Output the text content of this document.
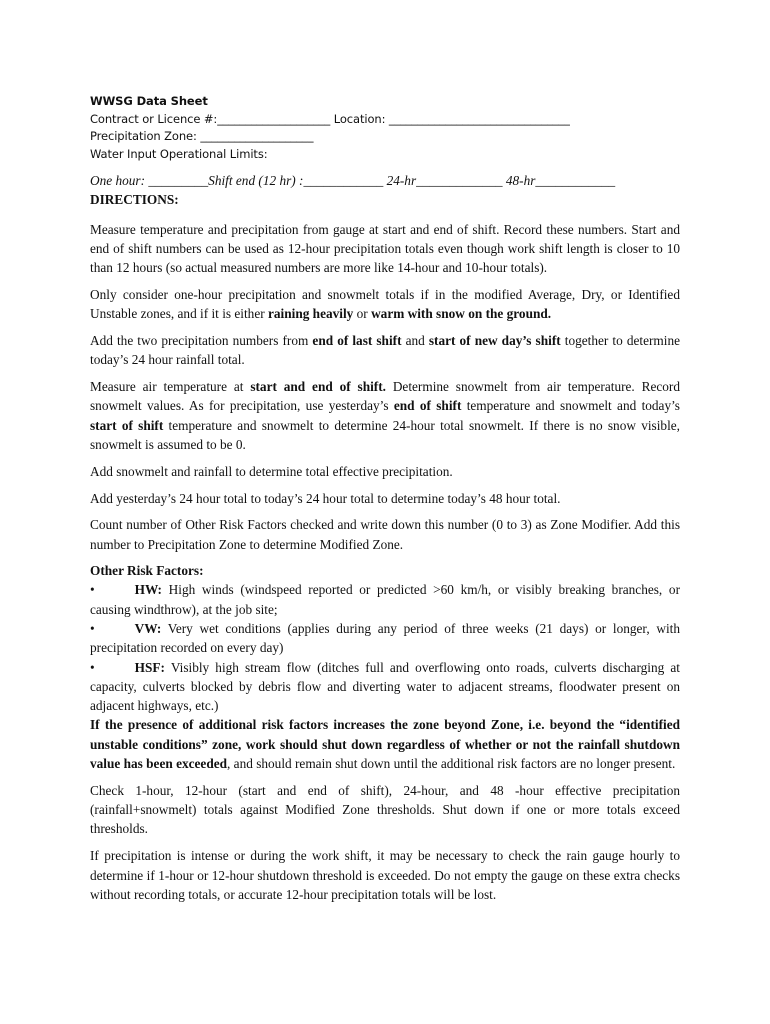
WWSG Data Sheet
Contract or Licence #:____________________ Location: ________________________________
Precipitation Zone: ____________________
Water Input Operational Limits:
One hour: _________Shift end (12 hr) :____________ 24-hr_____________ 48-hr____________
DIRECTIONS:

Measure temperature and precipitation from gauge at start and end of shift. Record these numbers. Start and end of shift numbers can be used as 12-hour precipitation totals even though work shift length is closer to 10 than 12 hours (so actual measured numbers are more like 14-hour and 10-hour totals).

Only consider one-hour precipitation and snowmelt totals if in the modified Average, Dry, or Identified Unstable zones, and if it is either raining heavily or warm with snow on the ground.

Add the two precipitation numbers from end of last shift and start of new day’s shift together to determine today’s 24 hour rainfall total.

Measure air temperature at start and end of shift. Determine snowmelt from air temperature. Record snowmelt values. As for precipitation, use yesterday’s end of shift temperature and snowmelt and today’s start of shift temperature and snowmelt to determine 24-hour total snowmelt. If there is no snow visible, snowmelt is assumed to be 0.

Add snowmelt and rainfall to determine total effective precipitation.

Add yesterday’s 24 hour total to today’s 24 hour total to determine today’s 48 hour total.

Count number of Other Risk Factors checked and write down this number (0 to 3) as Zone Modifier. Add this number to Precipitation Zone to determine Modified Zone.

Other Risk Factors:
•	HW: High winds (windspeed reported or predicted >60 km/h, or visibly breaking branches, or causing windthrow), at the job site;
•	VW: Very wet conditions (applies during any period of three weeks (21 days) or longer, with precipitation recorded on every day)
•	HSF: Visibly high stream flow (ditches full and overflowing onto roads, culverts discharging at capacity, culverts blocked by debris flow and diverting water to adjacent streams, floodwater present on adjacent highways, etc.)

If the presence of additional risk factors increases the zone beyond Zone, i.e. beyond the “identified unstable conditions” zone, work should shut down regardless of whether or not the rainfall shutdown value has been exceeded, and should remain shut down until the additional risk factors are no longer present.

Check 1-hour, 12-hour (start and end of shift), 24-hour, and 48 -hour effective precipitation (rainfall+snowmelt) totals against Modified Zone thresholds. Shut down if one or more totals exceed thresholds.

If precipitation is intense or during the work shift, it may be necessary to check the rain gauge hourly to determine if 1-hour or 12-hour shutdown threshold is exceeded. Do not empty the gauge on these extra checks without recording totals, or accurate 12-hour precipitation totals will be lost.
